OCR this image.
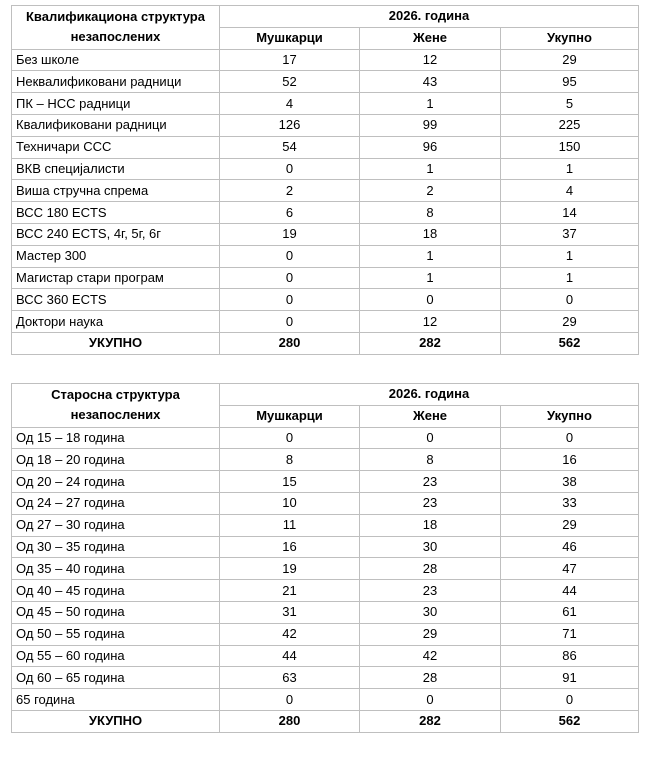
Квалификациона структура незапослених	2026. година		
	Мушкарци	Жене	Укупно
Без школе	17	12	29
Неквалификовани радници	52	43	95
ПК – НСС радници	4	1	5
Квалификовани радници	126	99	225
Техничари ССС	54	96	150
ВКВ специјалисти	0	1	1
Виша стручна спрема	2	2	4
ВСС 180 ECTS	6	8	14
ВСС 240 ECTS, 4г, 5г, 6г	19	18	37
Мастер 300	0	1	1
Магистар стари програм	0	1	1
ВСС 360 ECTS	0	0	0
Доктори наука	0	12	29
УКУПНО	280	282	562
Старосна структура незапослених	2026. година		
	Мушкарци	Жене	Укупно
Од 15 – 18 година	0	0	0
Од 18 – 20 година	8	8	16
Од 20 – 24 година	15	23	38
Од 24 – 27 година	10	23	33
Од 27 – 30 година	11	18	29
Од 30 – 35 година	16	30	46
Од 35 – 40 година	19	28	47
Од 40 – 45 година	21	23	44
Од 45 – 50 година	31	30	61
Од 50 – 55 година	42	29	71
Од 55 – 60 година	44	42	86
Од 60 – 65 година	63	28	91
65 година	0	0	0
УКУПНО	280	282	562
